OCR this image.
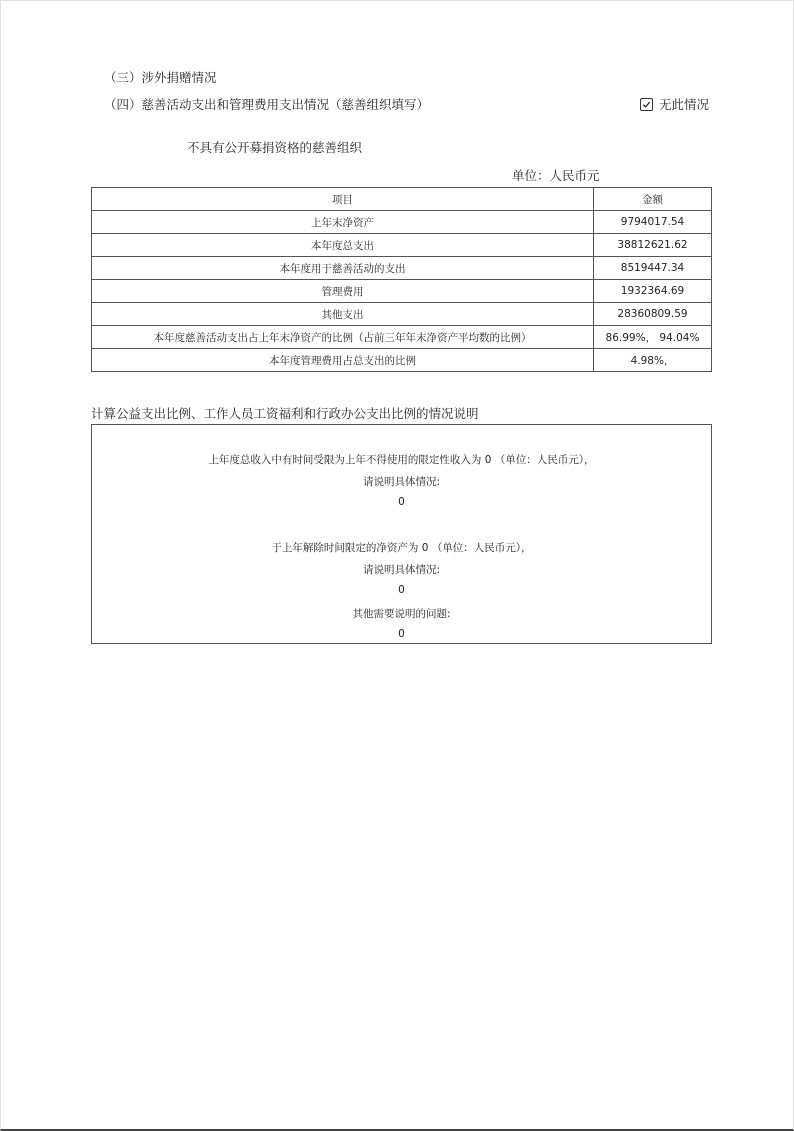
（三）涉外捐赠情况
（四）慈善活动支出和管理费用支出情况（慈善组织填写）	无此情况
不具有公开募捐资格的慈善组织
单位：人民币元
项目	金额
上年末净资产	9794017.54
本年度总支出	38812621.62
本年度用于慈善活动的支出	8519447.34
管理费用	1932364.69
其他支出	28360809.59
本年度慈善活动支出占上年末净资产的比例（占前三年年末净资产平均数的比例）	86.99%， 94.04%
本年度管理费用占总支出的比例	4.98%，
计算公益支出比例、工作人员工资福利和行政办公支出比例的情况说明
上年度总收入中有时间受限为上年不得使用的限定性收入为 0 （单位：人民币元），
请说明具体情况:
0
于上年解除时间限定的净资产为 0 （单位：人民币元），
请说明具体情况:
0
其他需要说明的问题:
0
